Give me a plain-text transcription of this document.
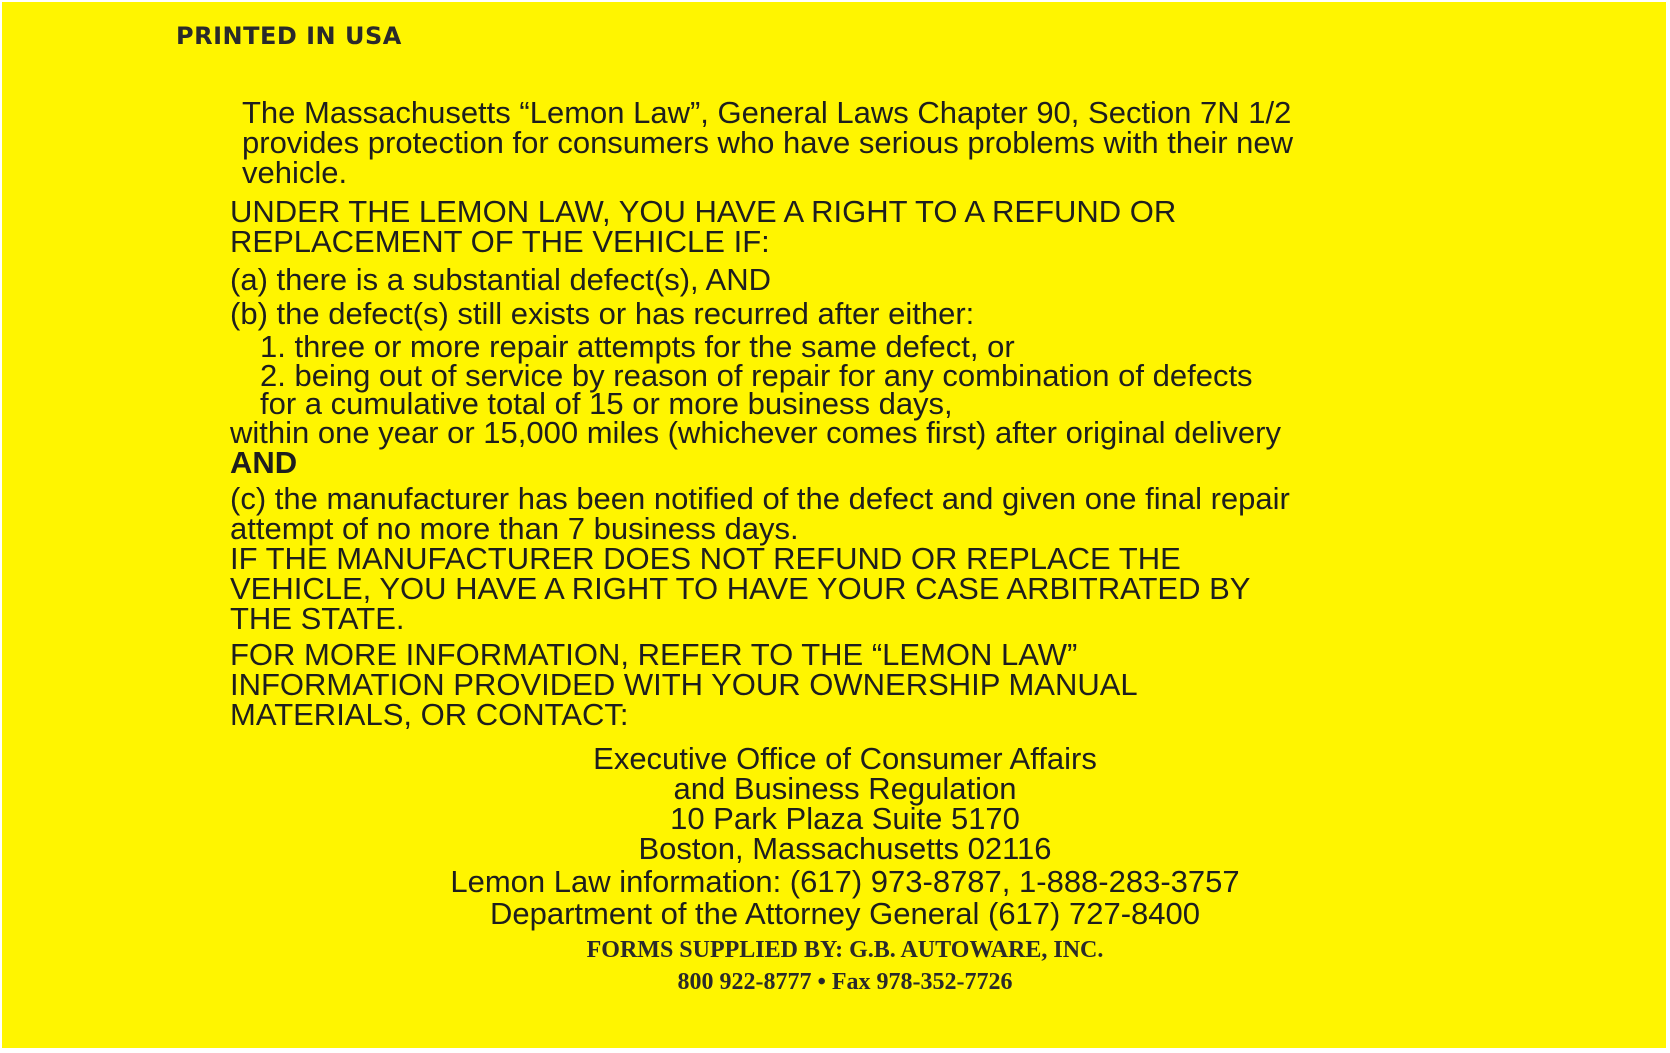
PRINTED IN USA

The Massachusetts “Lemon Law”, General Laws Chapter 90, Section 7N 1/2

provides protection for consumers who have serious problems with their new

vehicle.

UNDER THE LEMON LAW, YOU HAVE A RIGHT TO A REFUND OR

REPLACEMENT OF THE VEHICLE IF:

(a) there is a substantial defect(s), AND

(b) the defect(s) still exists or has recurred after either:

1. three or more repair attempts for the same defect, or

2. being out of service by reason of repair for any combination of defects

for a cumulative total of 15 or more business days,

within one year or 15,000 miles (whichever comes first) after original delivery

AND

(c) the manufacturer has been notified of the defect and given one final repair

attempt of no more than 7 business days.

IF THE MANUFACTURER DOES NOT REFUND OR REPLACE THE

VEHICLE, YOU HAVE A RIGHT TO HAVE YOUR CASE ARBITRATED BY

THE STATE.

FOR MORE INFORMATION, REFER TO THE “LEMON LAW”

INFORMATION PROVIDED WITH YOUR OWNERSHIP MANUAL

MATERIALS, OR CONTACT:

Executive Office of Consumer Affairs

and Business Regulation

10 Park Plaza Suite 5170

Boston, Massachusetts 02116

Lemon Law information: (617) 973-8787, 1-888-283-3757

Department of the Attorney General (617) 727-8400

FORMS SUPPLIED BY: G.B. AUTOWARE, INC.

800 922-8777 • Fax 978-352-7726
